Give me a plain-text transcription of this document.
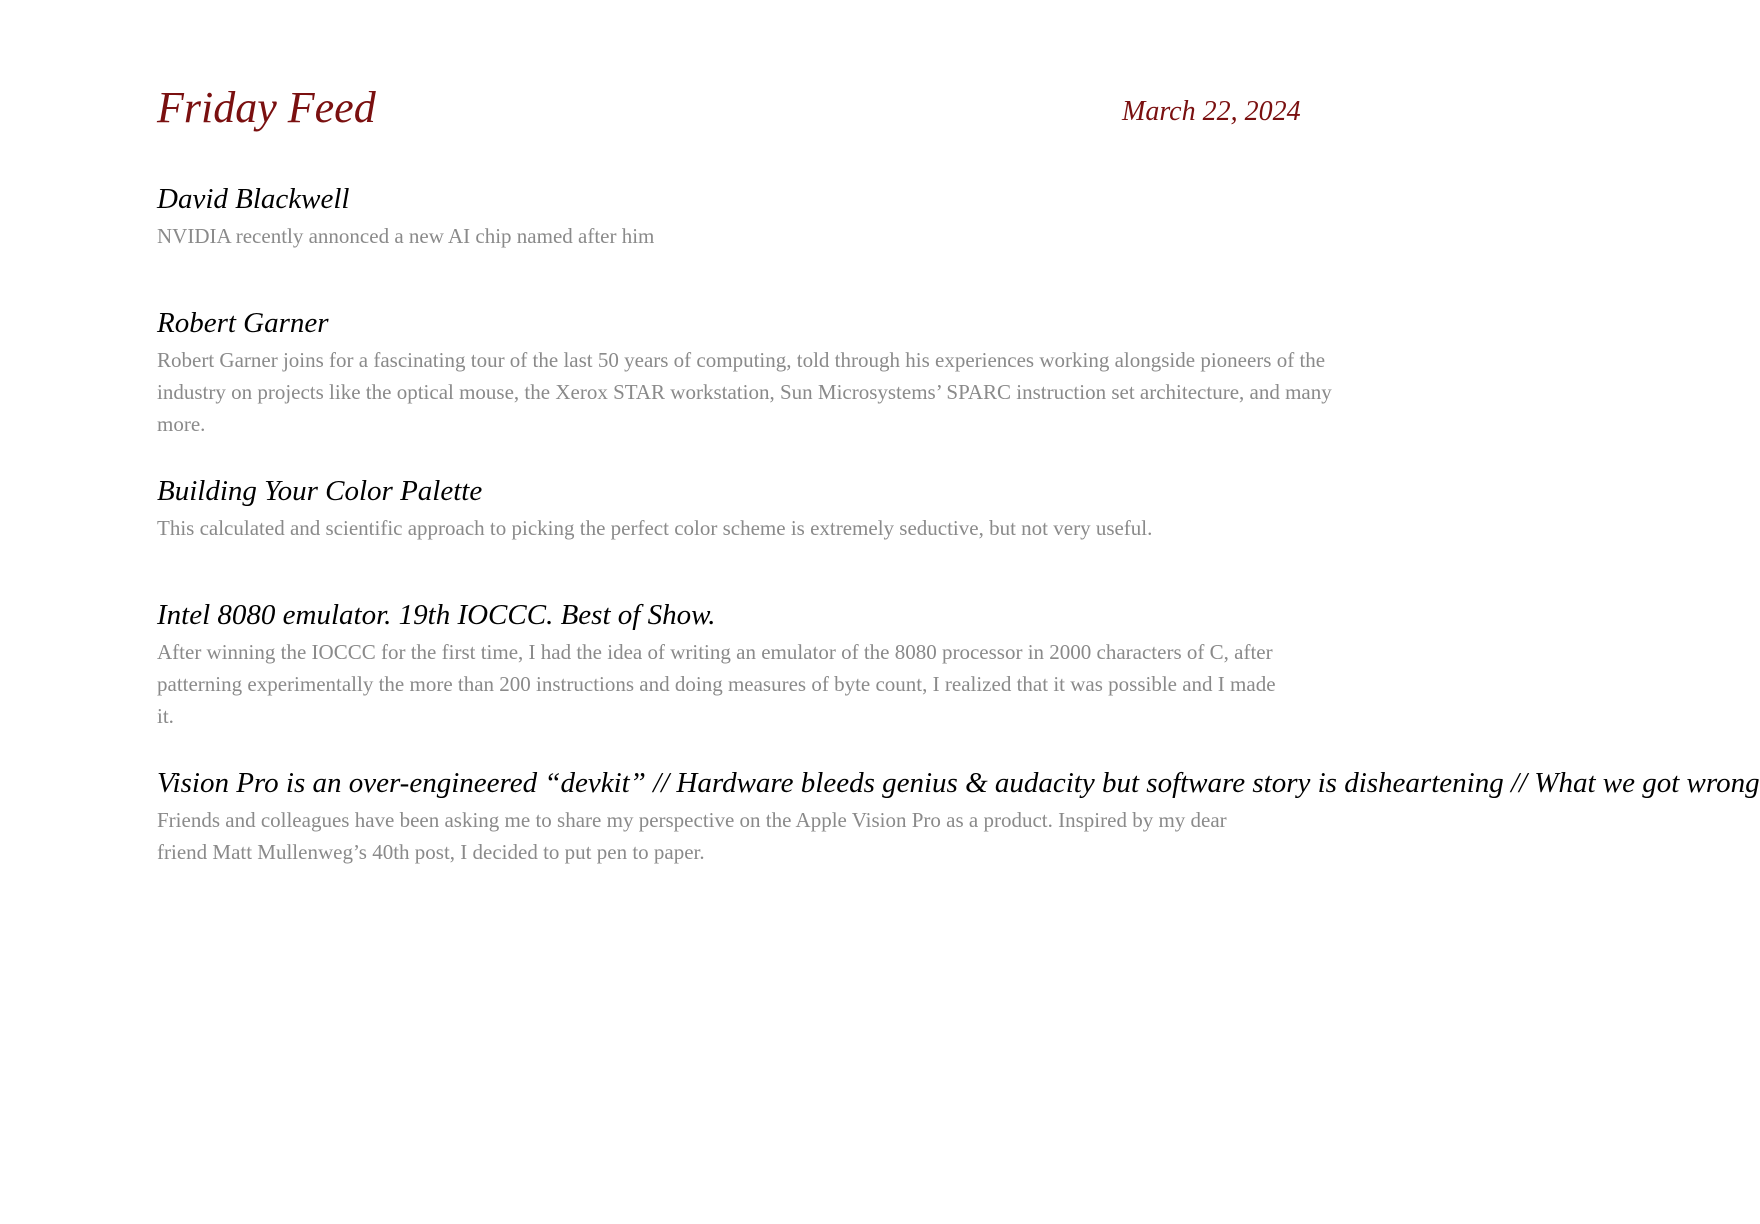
Friday Feed	March 22, 2024
David Blackwell

NVIDIA recently annonced a new AI chip named after him

Robert Garner

Robert Garner joins for a fascinating tour of the last 50 years of computing, told through his experiences working alongside pioneers of the industry on projects like the optical mouse, the Xerox STAR workstation, Sun Microsystems’ SPARC instruction set architecture, and many more.

Building Your Color Palette

This calculated and scientific approach to picking the perfect color scheme is extremely seductive, but not very useful.

Intel 8080 emulator. 19th IOCCC. Best of Show.

After winning the IOCCC for the first time, I had the idea of writing an emulator of the 8080 processor in 2000 characters of C, after patterning experimentally the more than 200 instructions and doing measures of byte count, I realized that it was possible and I made it.

Vision Pro is an over-engineered “devkit” // Hardware bleeds genius & audacity but software story is disheartening // What we got wrong

Friends and colleagues have been asking me to share my perspective on the Apple Vision Pro as a product. Inspired by my dear friend Matt Mullenweg’s 40th post, I decided to put pen to paper.
